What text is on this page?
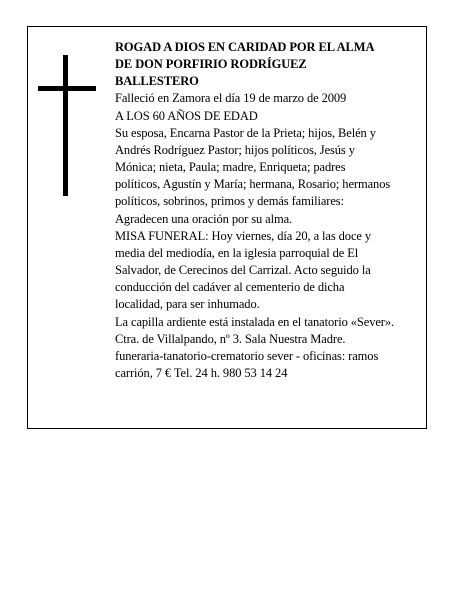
ROGAD A DIOS EN CARIDAD POR EL ALMA
DE DON PORFIRIO RODRÍGUEZ
BALLESTERO
Falleció en Zamora el día 19 de marzo de 2009
A LOS 60 AÑOS DE EDAD
Su esposa, Encarna Pastor de la Prieta; hijos, Belén y
Andrés Rodríguez Pastor; hijos políticos, Jesús y
Mónica; nieta, Paula; madre, Enriqueta; padres
políticos, Agustín y María; hermana, Rosario; hermanos
políticos, sobrinos, primos y demás familiares:
Agradecen una oración por su alma.
MISA FUNERAL: Hoy viernes, día 20, a las doce y
media del mediodía, en la iglesia parroquial de El
Salvador, de Cerecinos del Carrizal. Acto seguido la
conducción del cadáver al cementerio de dicha
localidad, para ser inhumado.
La capilla ardiente está instalada en el tanatorio «Sever».
Ctra. de Villalpando, nº 3. Sala Nuestra Madre.
funeraria-tanatorio-crematorio sever - oficinas: ramos
carrión, 7 € Tel. 24 h. 980 53 14 24
